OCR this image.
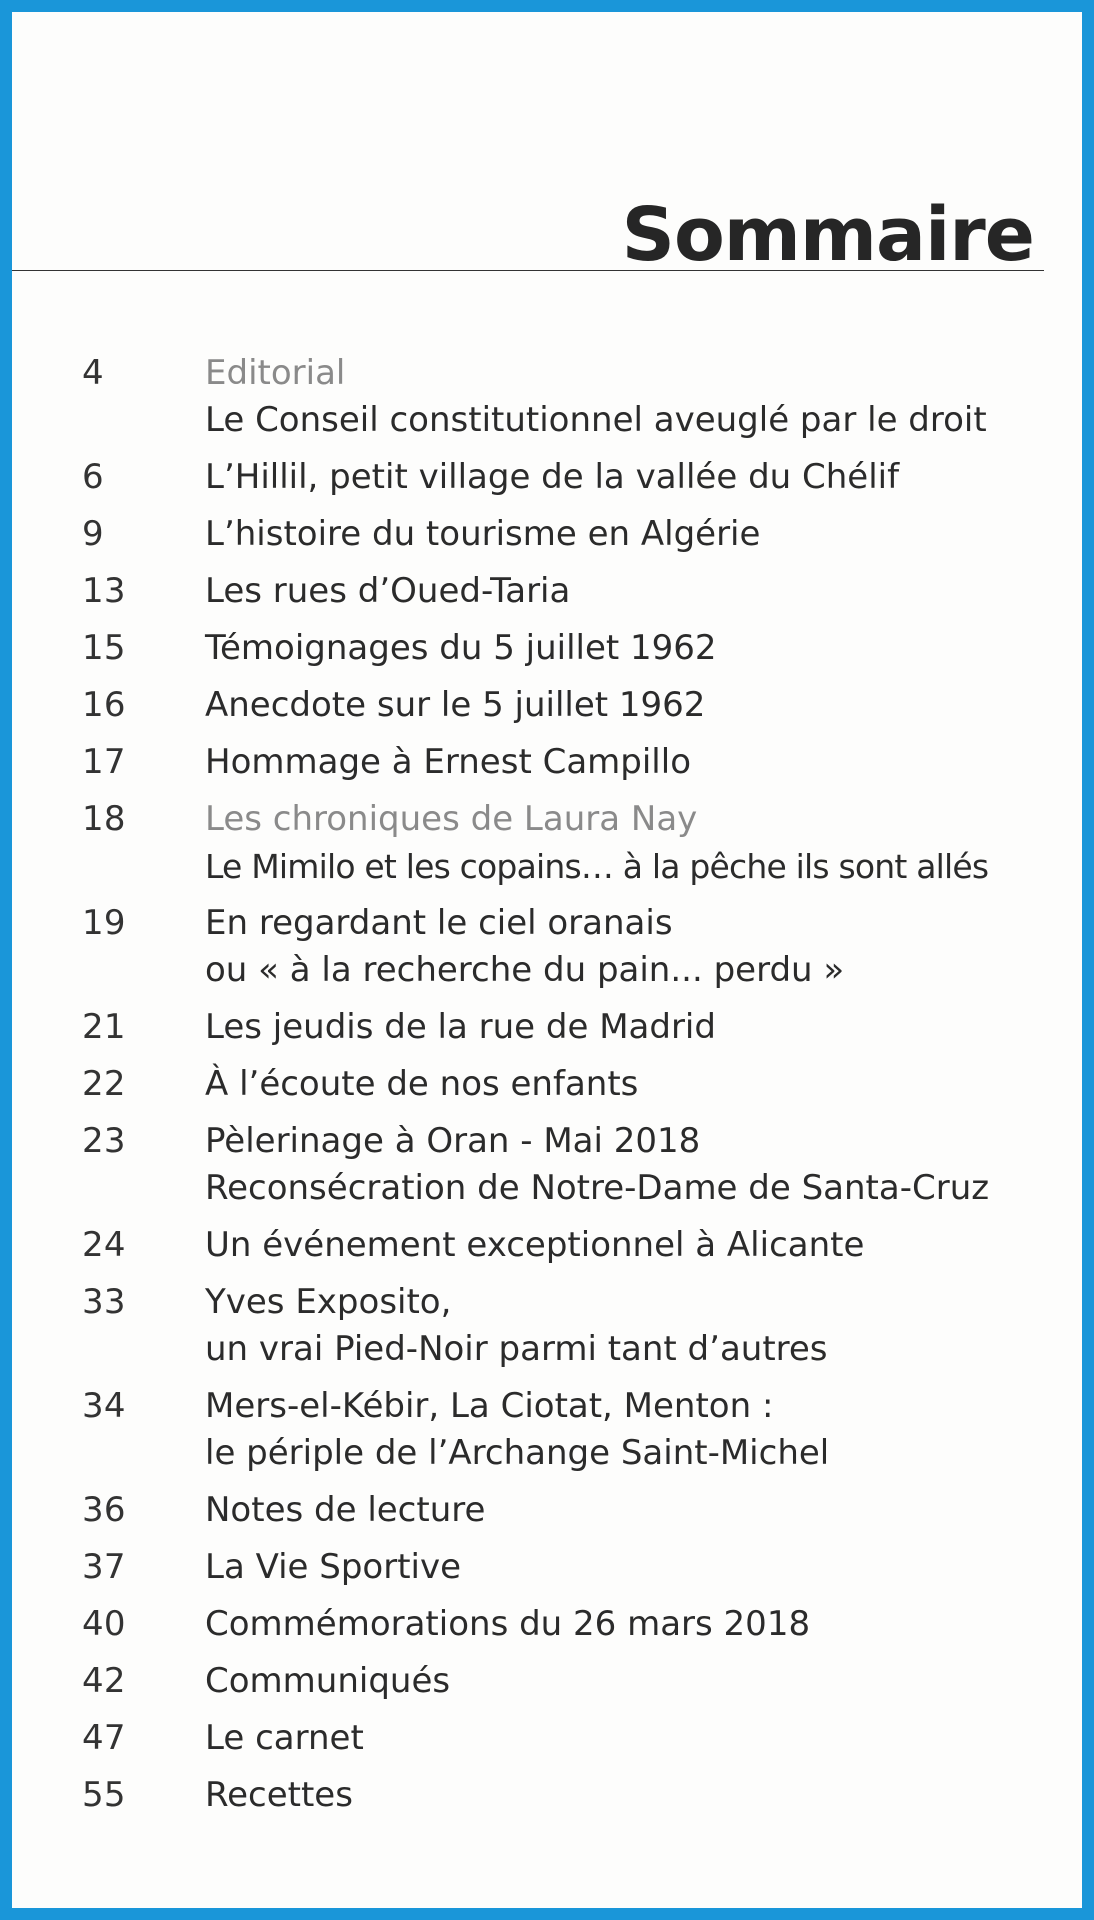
Sommaire
4	Editorial
Le Conseil constitutionnel aveuglé par le droit
6	L’Hillil, petit village de la vallée du Chélif
9	L’histoire du tourisme en Algérie
13	Les rues d’Oued-Taria
15	Témoignages du 5 juillet 1962
16	Anecdote sur le 5 juillet 1962
17	Hommage à Ernest Campillo
18	Les chroniques de Laura Nay
Le Mimilo et les copains… à la pêche ils sont allés
19	En regardant le ciel oranais
ou « à la recherche du pain... perdu »
21	Les jeudis de la rue de Madrid
22	À l’écoute de nos enfants
23	Pèlerinage à Oran - Mai 2018
Reconsécration de Notre-Dame de Santa-Cruz
24	Un événement exceptionnel à Alicante
33	Yves Exposito,
un vrai Pied-Noir parmi tant d’autres
34	Mers-el-Kébir, La Ciotat, Menton :
le périple de l’Archange Saint-Michel
36	Notes de lecture
37	La Vie Sportive
40	Commémorations du 26 mars 2018
42	Communiqués
47	Le carnet
55	Recettes
